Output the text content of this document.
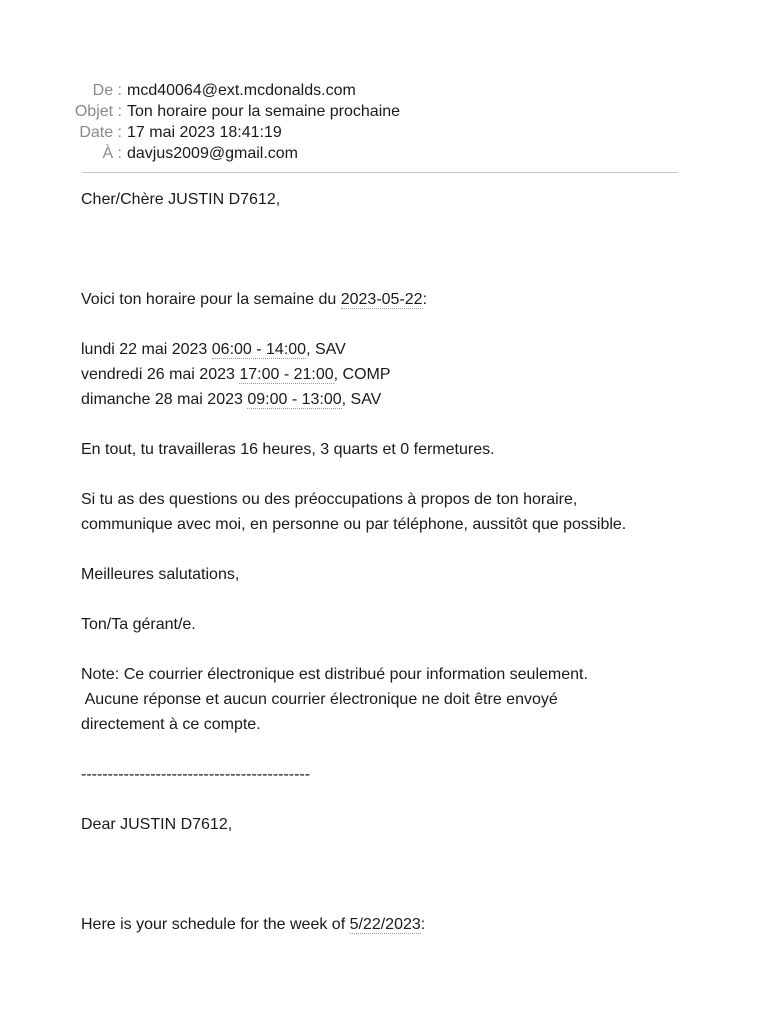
De : mcd40064@ext.mcdonalds.com
Objet : Ton horaire pour la semaine prochaine
Date : 17 mai 2023 18:41:19
À : davjus2009@gmail.com
Cher/Chère JUSTIN D7612,
Voici ton horaire pour la semaine du 2023-05-22:
lundi 22 mai 2023 06:00 - 14:00, SAV
vendredi 26 mai 2023 17:00 - 21:00, COMP
dimanche 28 mai 2023 09:00 - 13:00, SAV
En tout, tu travailleras 16 heures, 3 quarts et 0 fermetures.
Si tu as des questions ou des préoccupations à propos de ton horaire,
communique avec moi, en personne ou par téléphone, aussitôt que possible.
Meilleures salutations,
Ton/Ta gérant/e.
Note: Ce courrier électronique est distribué pour information seulement.
Aucune réponse et aucun courrier électronique ne doit être envoyé
directement à ce compte.
-------------------------------------------
Dear JUSTIN D7612,
Here is your schedule for the week of 5/22/2023:
